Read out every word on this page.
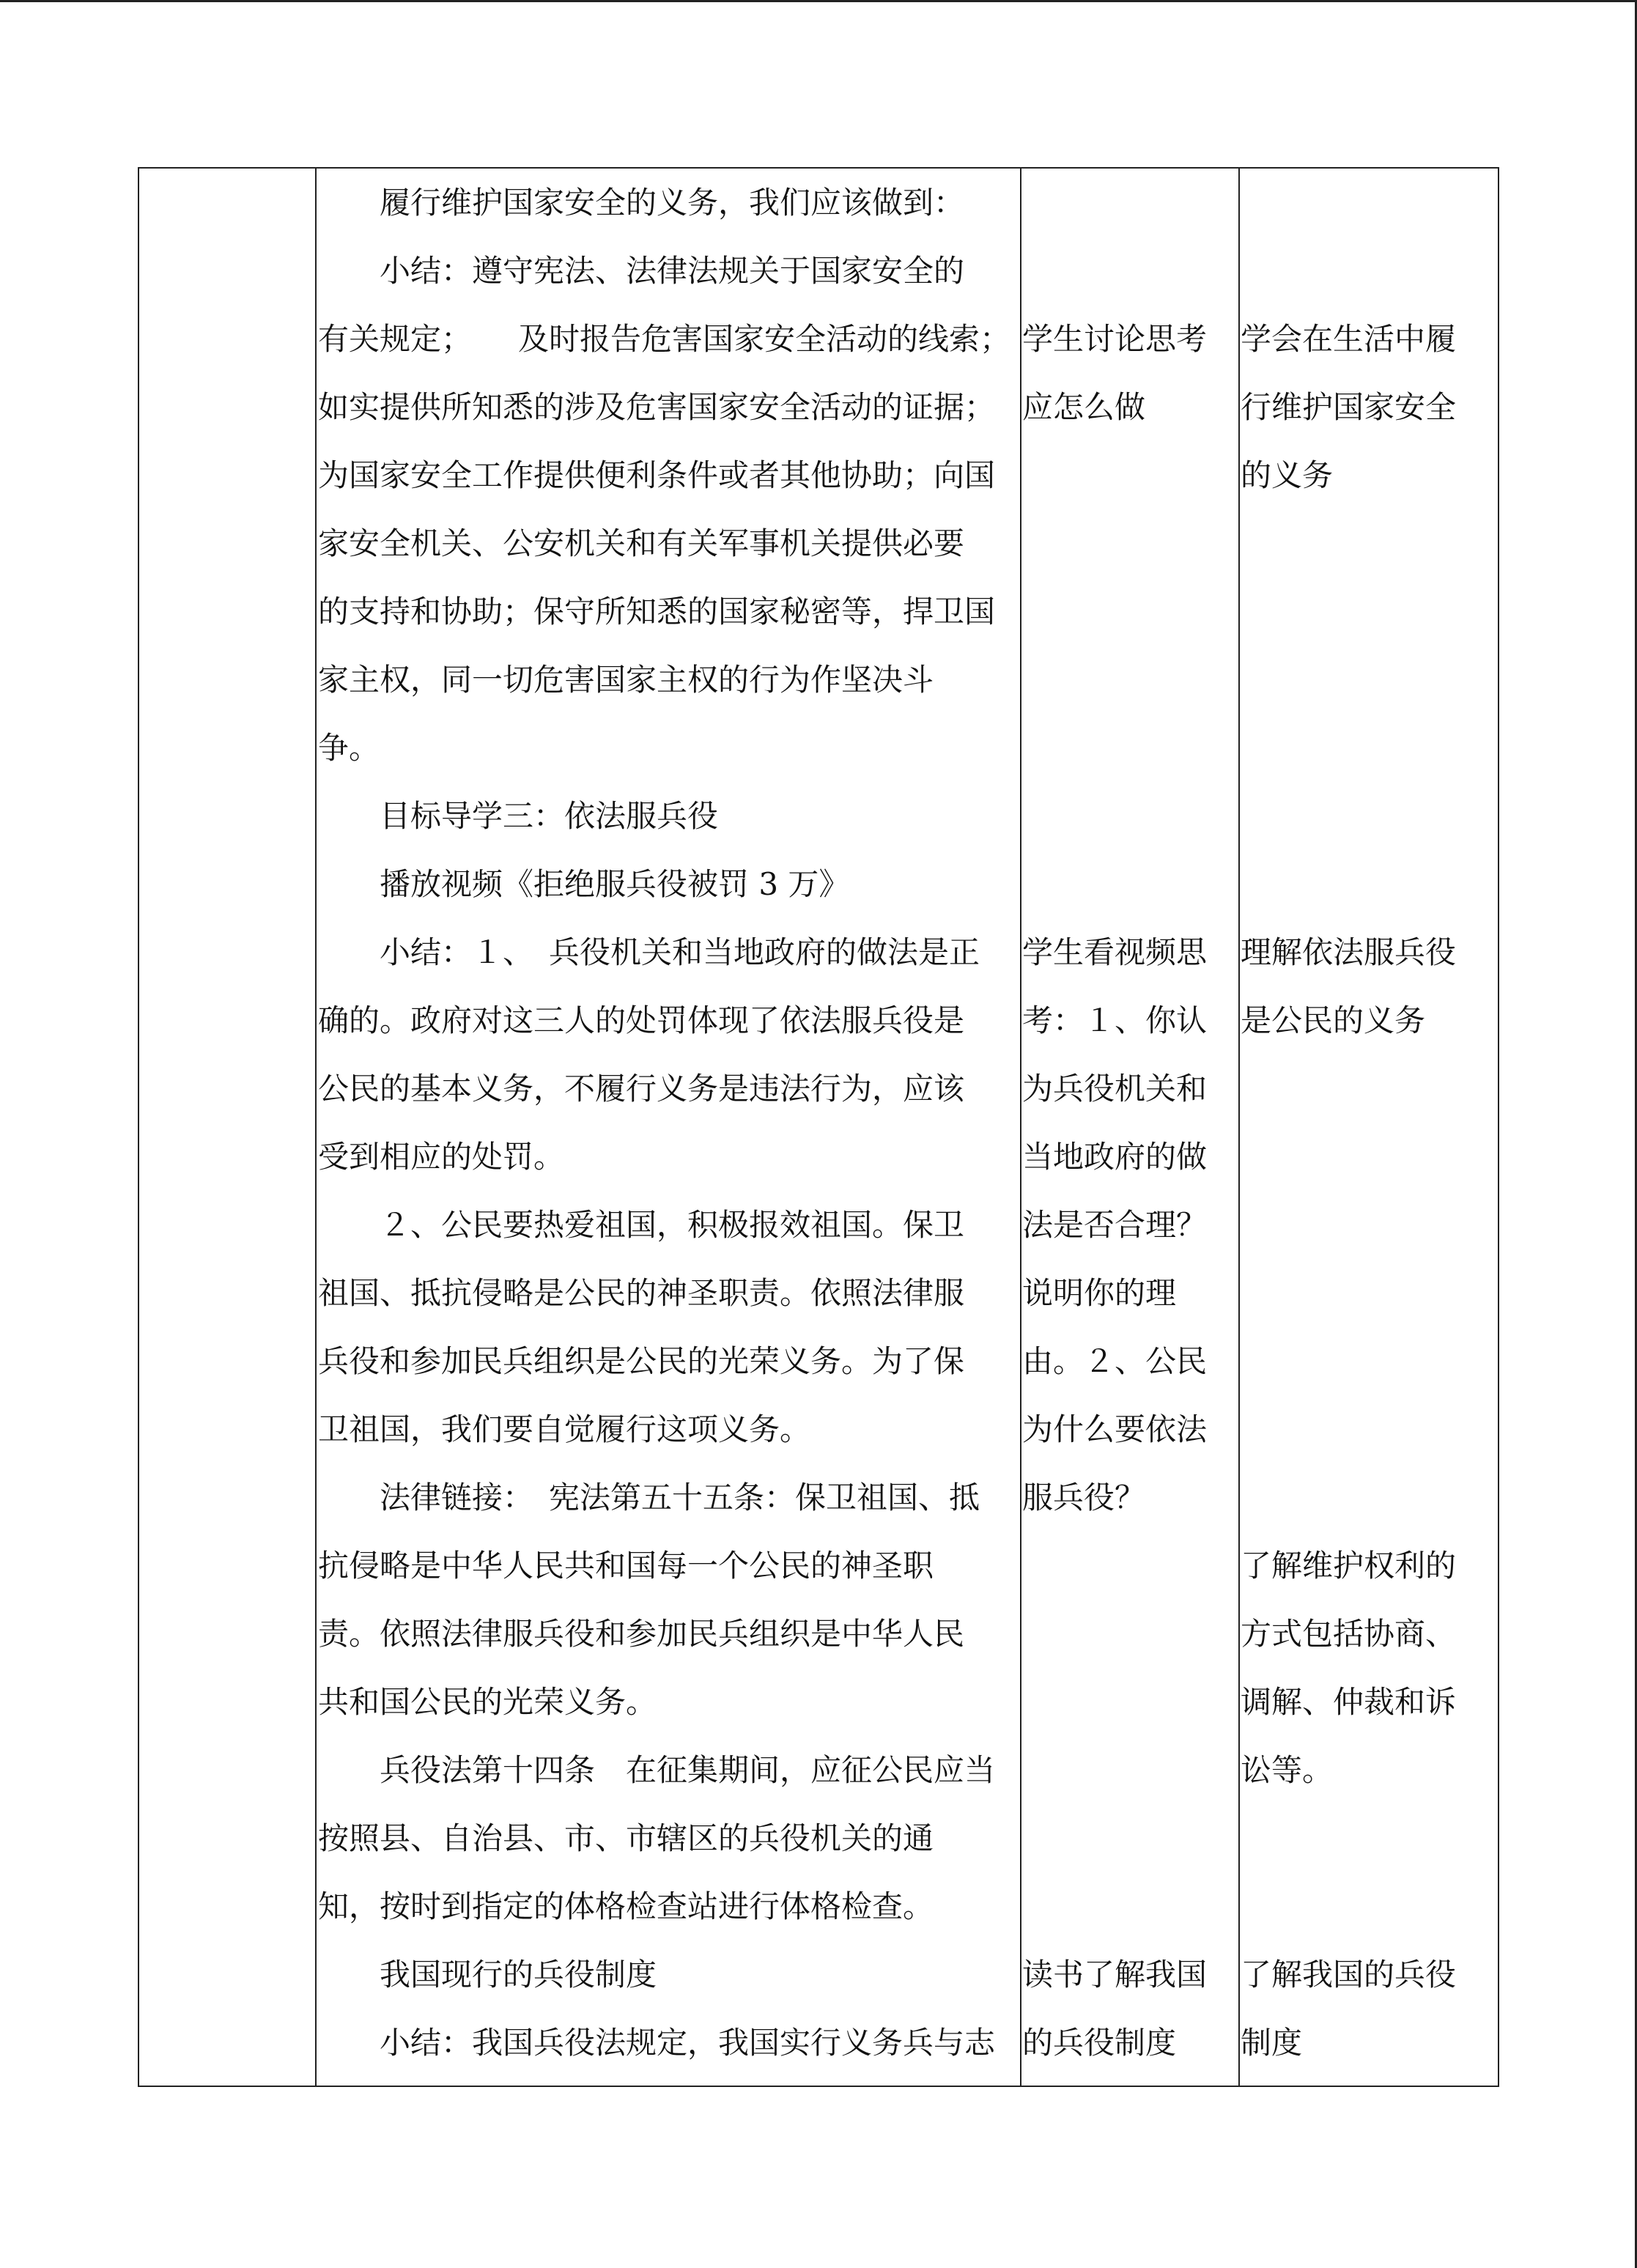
履行维护国家安全的义务，我们应该做到：
小结：遵守宪法、法律法规关于国家安全的
有关规定；　　及时报告危害国家安全活动的线索；
如实提供所知悉的涉及危害国家安全活动的证据；
为国家安全工作提供便利条件或者其他协助；向国
家安全机关、公安机关和有关军事机关提供必要
的支持和协助；保守所知悉的国家秘密等，捍卫国
家主权，同一切危害国家主权的行为作坚决斗
争。
目标导学三：依法服兵役
播放视频《拒绝服兵役被罚 3 万》
小结：１、　兵役机关和当地政府的做法是正
确的。政府对这三人的处罚体现了依法服兵役是
公民的基本义务，不履行义务是违法行为，应该
受到相应的处罚。
２、公民要热爱祖国，积极报效祖国。保卫
祖国、抵抗侵略是公民的神圣职责。依照法律服
兵役和参加民兵组织是公民的光荣义务。为了保
卫祖国，我们要自觉履行这项义务。
法律链接：　宪法第五十五条：保卫祖国、抵
抗侵略是中华人民共和国每一个公民的神圣职
责。依照法律服兵役和参加民兵组织是中华人民
共和国公民的光荣义务。
兵役法第十四条　在征集期间，应征公民应当
按照县、自治县、市、市辖区的兵役机关的通
知，按时到指定的体格检查站进行体格检查。
我国现行的兵役制度
小结：我国兵役法规定，我国实行义务兵与志
学生讨论思考
应怎么做
学生看视频思
考：１、你认
为兵役机关和
当地政府的做
法是否合理？
说明你的理
由。２、公民
为什么要依法
服兵役？
读书了解我国
的兵役制度
学会在生活中履
行维护国家安全
的义务
理解依法服兵役
是公民的义务
了解维护权利的
方式包括协商、
调解、仲裁和诉
讼等。
了解我国的兵役
制度
